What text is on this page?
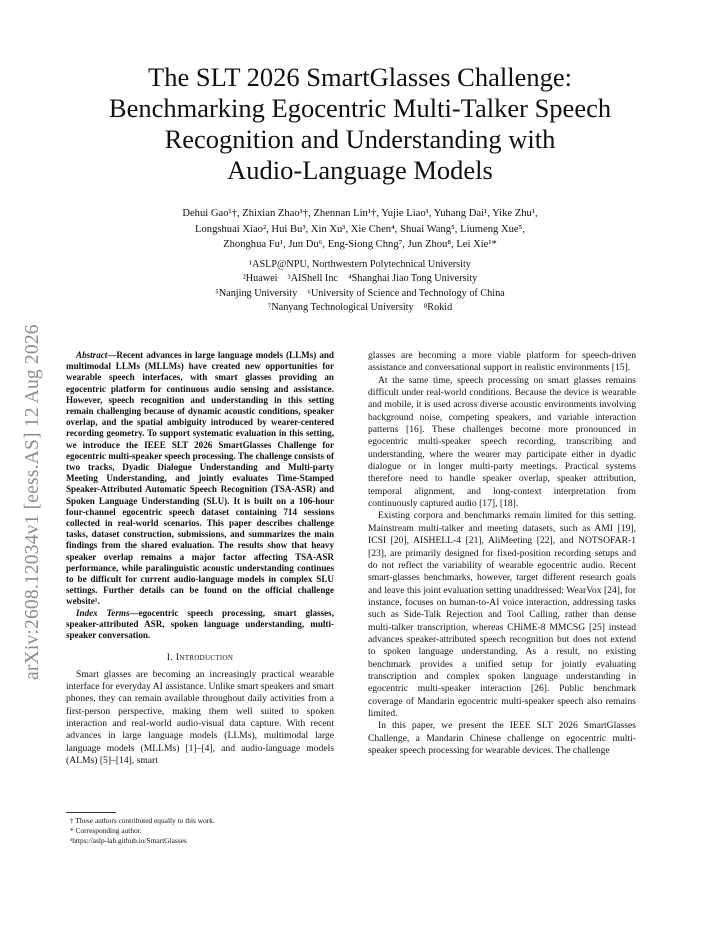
arXiv:2608.12034v1 [eess.AS] 12 Aug 2026
The SLT 2026 SmartGlasses Challenge:
Benchmarking Egocentric Multi-Talker Speech
Recognition and Understanding with
Audio-Language Models
Dehui Gao¹†, Zhixian Zhao¹†, Zhennan Lin¹†, Yujie Liao¹, Yuhang Dai¹, Yike Zhu¹,
Longshuai Xiao², Hui Bu³, Xin Xu³, Xie Chen⁴, Shuai Wang⁵, Liumeng Xue⁵,
Zhonghua Fu¹, Jun Du⁶, Eng-Siong Chng⁷, Jun Zhou⁸, Lei Xie¹*
¹ASLP@NPU, Northwestern Polytechnical University
²Huawei    ³AIShell Inc    ⁴Shanghai Jiao Tong University
⁵Nanjing University    ⁶University of Science and Technology of China
⁷Nanyang Technological University    ⁸Rokid

Abstract—Recent advances in large language models (LLMs) and multimodal LLMs (MLLMs) have created new opportunities for wearable speech interfaces, with smart glasses providing an egocentric platform for continuous audio sensing and assistance. However, speech recognition and understanding in this setting remain challenging because of dynamic acoustic conditions, speaker overlap, and the spatial ambiguity introduced by wearer-centered recording geometry. To support systematic evaluation in this setting, we introduce the IEEE SLT 2026 SmartGlasses Challenge for egocentric multi-speaker speech processing. The challenge consists of two tracks, Dyadic Dialogue Understanding and Multi-party Meeting Understanding, and jointly evaluates Time-Stamped Speaker-Attributed Automatic Speech Recognition (TSA-ASR) and Spoken Language Understanding (SLU). It is built on a 106-hour four-channel egocentric speech dataset containing 714 sessions collected in real-world scenarios. This paper describes challenge tasks, dataset construction, submissions, and summarizes the main findings from the shared evaluation. The results show that heavy speaker overlap remains a major factor affecting TSA-ASR performance, while paralinguistic acoustic understanding continues to be difficult for current audio-language models in complex SLU settings. Further details can be found on the official challenge website¹.

Index Terms—egocentric speech processing, smart glasses, speaker-attributed ASR, spoken language understanding, multi-speaker conversation.

I. Introduction

Smart glasses are becoming an increasingly practical wearable interface for everyday AI assistance. Unlike smart speakers and smart phones, they can remain available throughout daily activities from a first-person perspective, making them well suited to spoken interaction and real-world audio-visual data capture. With recent advances in large language models (LLMs), multimodal large language models (MLLMs) [1]–[4], and audio-language models (ALMs) [5]–[14], smart

glasses are becoming a more viable platform for speech-driven assistance and conversational support in realistic environments [15].

At the same time, speech processing on smart glasses remains difficult under real-world conditions. Because the device is wearable and mobile, it is used across diverse acoustic environments involving background noise, competing speakers, and variable interaction patterns [16]. These challenges become more pronounced in egocentric multi-speaker speech recording, transcribing and understanding, where the wearer may participate either in dyadic dialogue or in longer multi-party meetings. Practical systems therefore need to handle speaker overlap, speaker attribution, temporal alignment, and long-context interpretation from continuously captured audio [17], [18].

Existing corpora and benchmarks remain limited for this setting. Mainstream multi-talker and meeting datasets, such as AMI [19], ICSI [20], AISHELL-4 [21], AliMeeting [22], and NOTSOFAR-1 [23], are primarily designed for fixed-position recording setups and do not reflect the variability of wearable egocentric audio. Recent smart-glasses benchmarks, however, target different research goals and leave this joint evaluation setting unaddressed: WearVox [24], for instance, focuses on human-to-AI voice interaction, addressing tasks such as Side-Talk Rejection and Tool Calling, rather than dense multi-talker transcription, whereas CHiME-8 MMCSG [25] instead advances speaker-attributed speech recognition but does not extend to spoken language understanding. As a result, no existing benchmark provides a unified setup for jointly evaluating transcription and complex spoken language understanding in egocentric multi-speaker interaction [26]. Public benchmark coverage of Mandarin egocentric multi-speaker speech also remains limited.

In this paper, we present the IEEE SLT 2026 SmartGlasses Challenge, a Mandarin Chinese challenge on egocentric multi-speaker speech processing for wearable devices. The challenge

† These authors contributed equally to this work.
* Corresponding author.
¹https://aslp-lab.github.io/SmartGlasses
